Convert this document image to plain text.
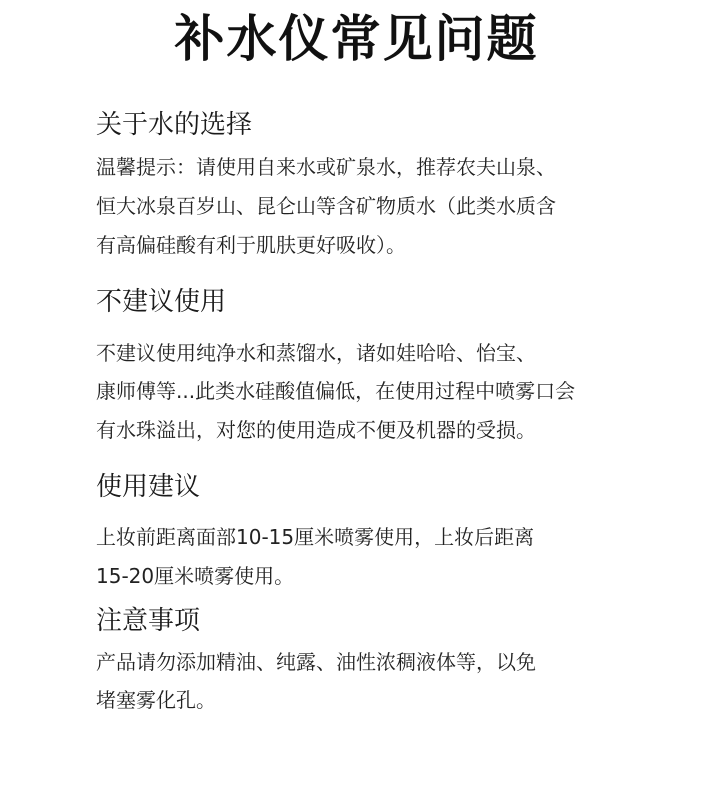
补水仪常见问题
关于水的选择
温馨提示：请使用自来水或矿泉水，推荐农夫山泉、
恒大冰泉百岁山、昆仑山等含矿物质水（此类水质含
有高偏硅酸有利于肌肤更好吸收）。
不建议使用
不建议使用纯净水和蒸馏水，诸如娃哈哈、怡宝、
康师傅等...此类水硅酸值偏低，在使用过程中喷雾口会
有水珠溢出，对您的使用造成不便及机器的受损。
使用建议
上妆前距离面部10-15厘米喷雾使用，上妆后距离
15-20厘米喷雾使用。
注意事项
产品请勿添加精油、纯露、油性浓稠液体等，以免
堵塞雾化孔。
